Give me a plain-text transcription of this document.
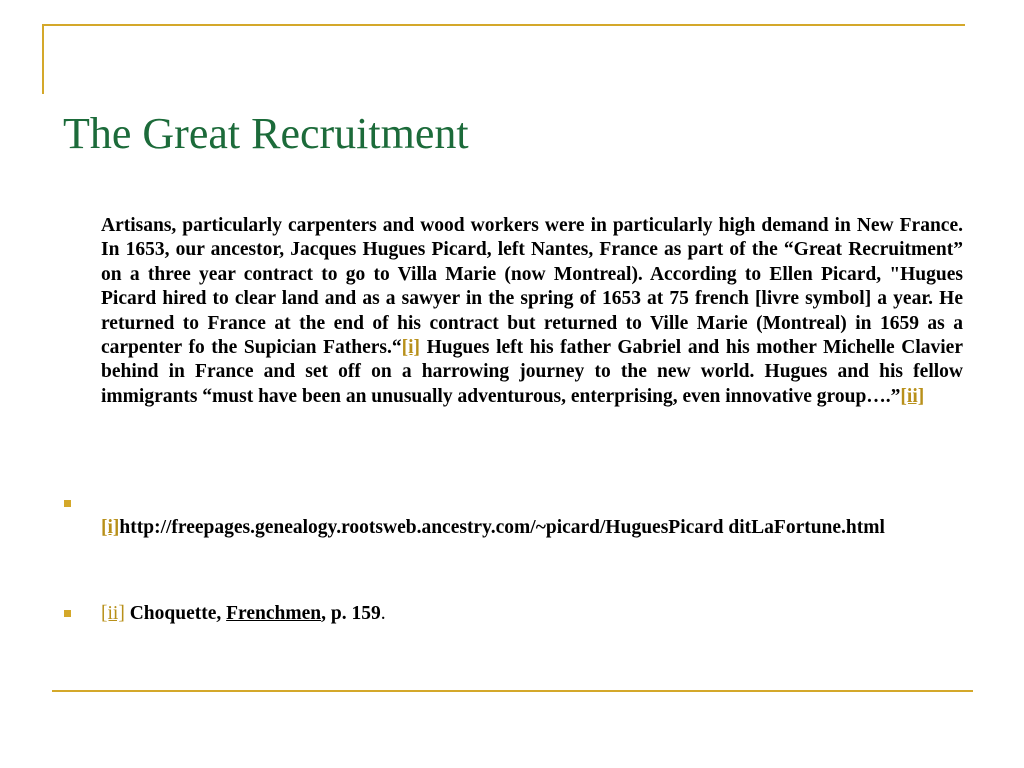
The Great Recruitment

Artisans, particularly carpenters and wood workers were in particularly high demand in New France. In 1653, our ancestor, Jacques Hugues Picard, left Nantes, France as part of the “Great Recruitment” on a three year contract to go to Villa Marie (now Montreal). According to Ellen Picard, "Hugues Picard hired to clear land and as a sawyer in the spring of 1653 at 75 french [livre symbol] a year. He returned to France at the end of his contract but returned to Ville Marie (Montreal) in 1659 as a carpenter fo the Supician Fathers.“[i] Hugues left his father Gabriel and his mother Michelle Clavier behind in France and set off on a harrowing journey to the new world. Hugues and his fellow immigrants “must have been an unusually adventurous, enterprising, even innovative group….”[ii]

[i]http://freepages.genealogy.rootsweb.ancestry.com/~picard/HuguesPicard ditLaFortune.html

[ii] Choquette, Frenchmen, p. 159.
